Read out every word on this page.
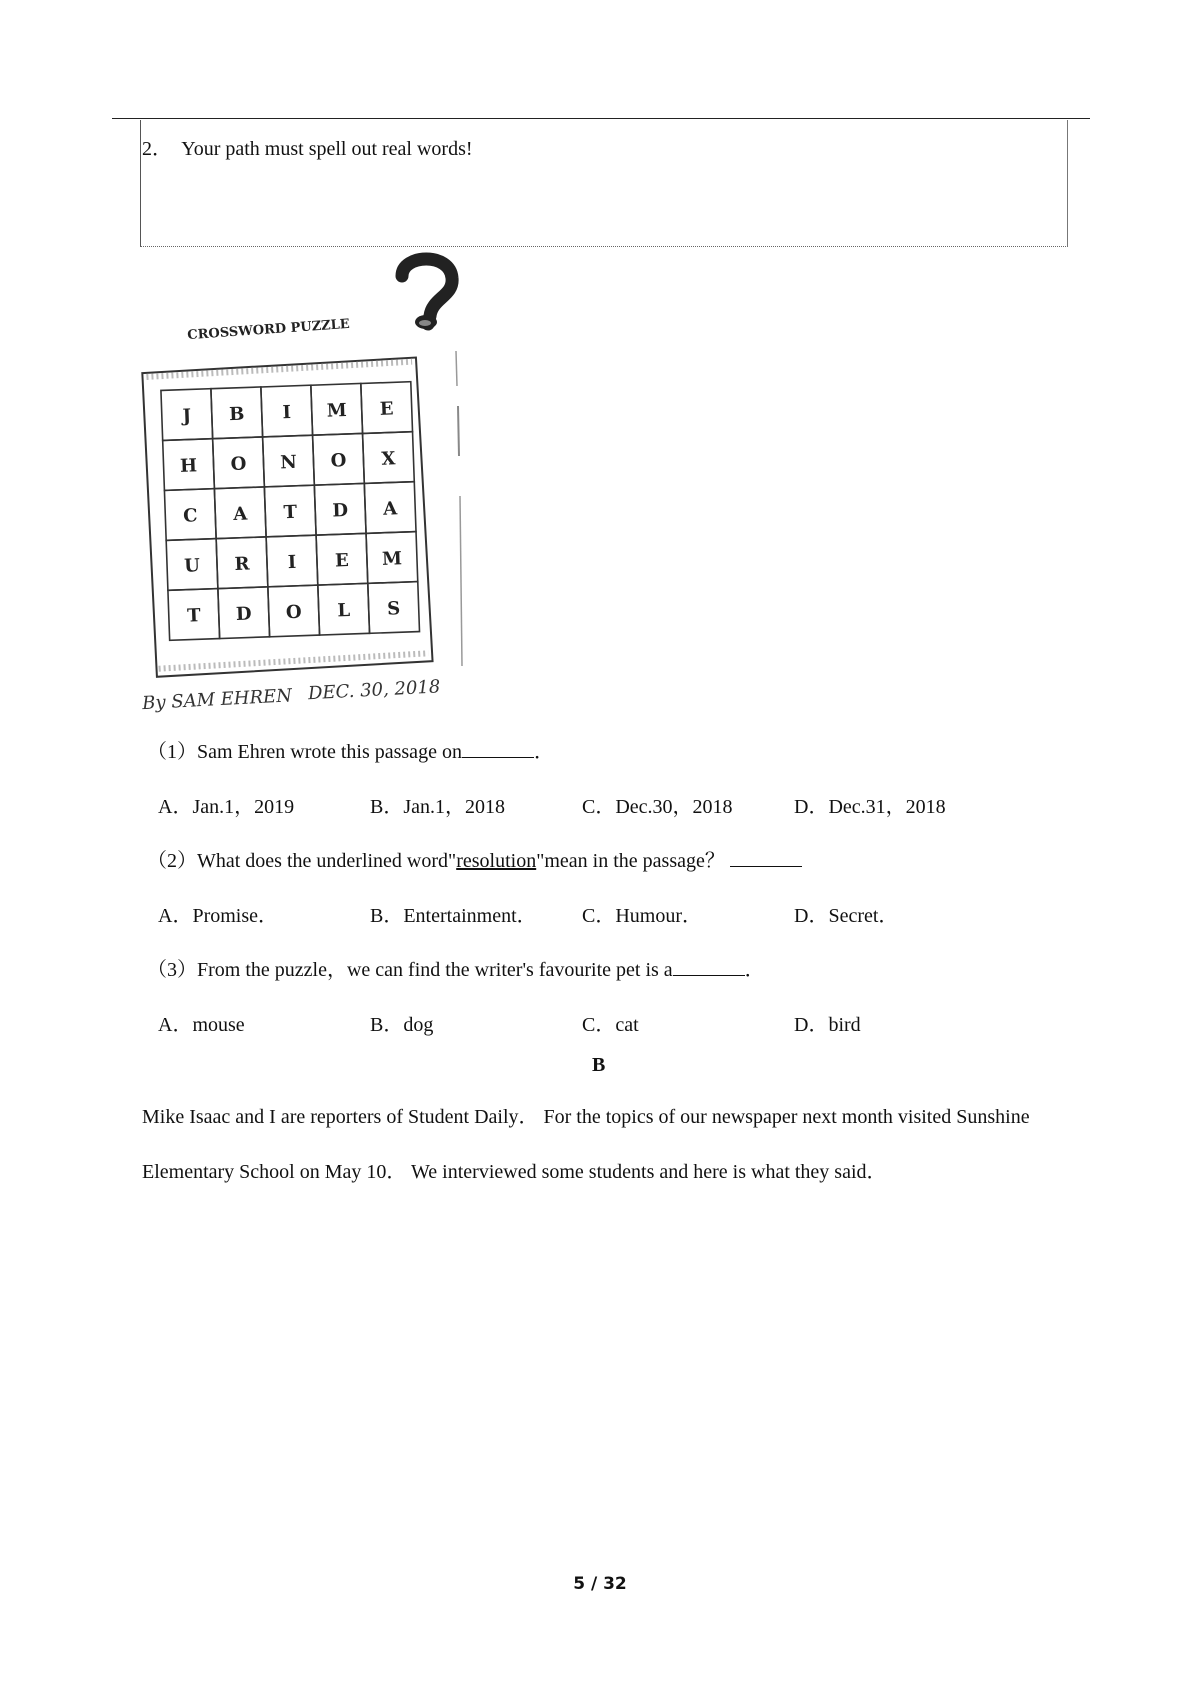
2．  Your path must spell out real words!
CROSSWORD PUZZLE
J B I M E
H O N O X
C A T D A
U R I E M
T D O L S
By SAM EHREN DEC. 30, 2018
（1）Sam Ehren wrote this passage on	．
A．Jan.1，2019	B．Jan.1，2018	C．Dec.30，2018	D．Dec.31，2018
（2）What does the underlined word"resolution"mean in the passage？
A．Promise．	B．Entertainment． C．Humour．	D．Secret．
（3）From the puzzle，we can find the writer's favourite pet is a	．
A．mouse	B．dog	C．cat	D．bird
B
Mike Isaac and I are reporters of Student Daily． For the topics of our newspaper next month visited Sunshine
Elementary School on May 10． We interviewed some students and here is what they said．
5 / 32
